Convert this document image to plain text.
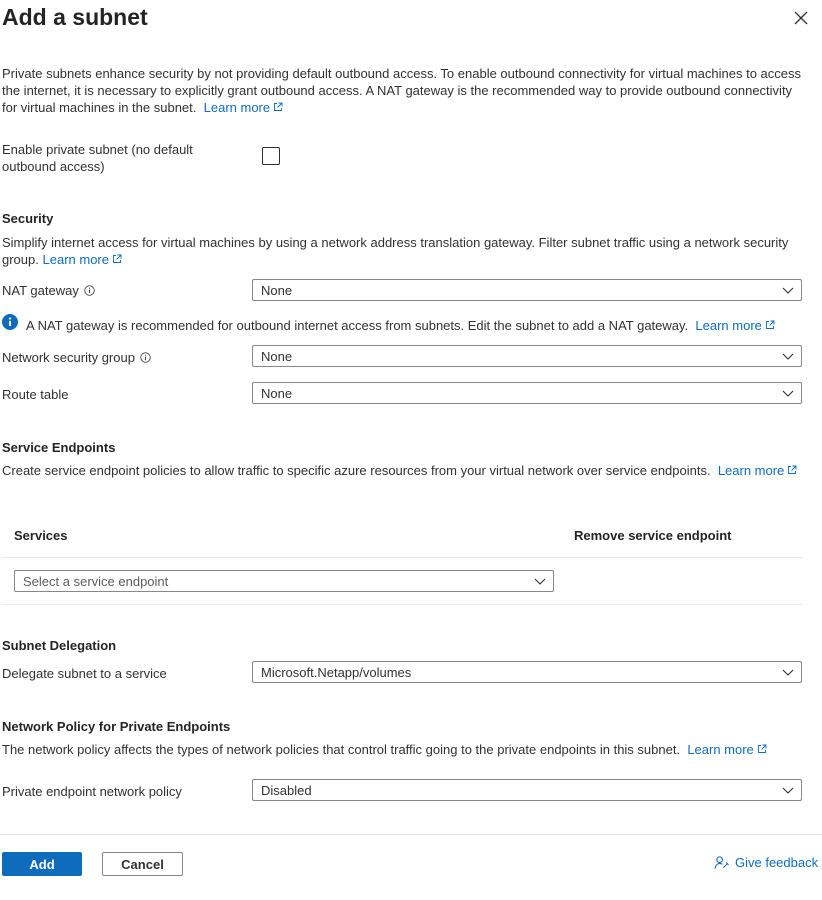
Add a subnet
Private subnets enhance security by not providing default outbound access. To enable outbound connectivity for virtual machines to access the internet, it is necessary to explicitly grant outbound access. A NAT gateway is the recommended way to provide outbound connectivity for virtual machines in the subnet. Learn more
Enable private subnet (no default
outbound access)
Security
Simplify internet access for virtual machines by using a network address translation gateway. Filter subnet traffic using a network security group. Learn more
NAT gateway	None
A NAT gateway is recommended for outbound internet access from subnets. Edit the subnet to add a NAT gateway. Learn more
Network security group	None
Route table	None
Service Endpoints
Create service endpoint policies to allow traffic to specific azure resources from your virtual network over service endpoints. Learn more
Services	Remove service endpoint
Select a service endpoint
Subnet Delegation
Delegate subnet to a service	Microsoft.Netapp/volumes
Network Policy for Private Endpoints
The network policy affects the types of network policies that control traffic going to the private endpoints in this subnet. Learn more
Private endpoint network policy	Disabled
Add	Cancel	Give feedback
